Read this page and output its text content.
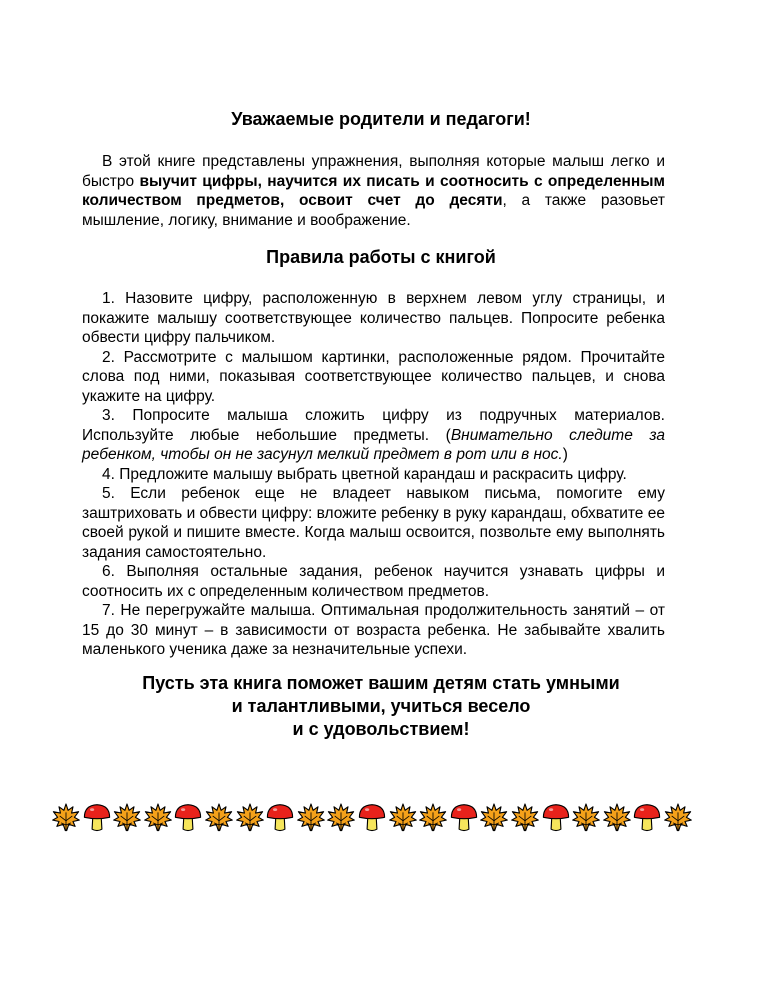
Уважаемые родители и педагоги!

В этой книге представлены упражнения, выполняя которые малыш легко и быстро выучит цифры, научится их писать и соотносить с определенным количеством предметов, освоит счет до десяти, а также разовьет мышление, логику, внимание и воображение.

Правила работы с книгой
1. Назовите цифру, расположенную в верхнем левом углу страницы, и покажите малышу соответствующее количество пальцев. Попросите ребенка обвести цифру пальчиком.
2. Рассмотрите с малышом картинки, расположенные рядом. Прочитайте слова под ними, показывая соответствующее количество пальцев, и снова укажите на цифру.
3. Попросите малыша сложить цифру из подручных материалов. Используйте любые небольшие предметы. (Внимательно следите за ребенком, чтобы он не засунул мелкий предмет в рот или в нос.)
4. Предложите малышу выбрать цветной карандаш и раскрасить цифру.
5. Если ребенок еще не владеет навыком письма, помогите ему заштриховать и обвести цифру: вложите ребенку в руку карандаш, обхватите ее своей рукой и пишите вместе. Когда малыш освоится, позвольте ему выполнять задания самостоятельно.
6. Выполняя остальные задания, ребенок научится узнавать цифры и соотносить их с определенным количеством предметов.
7. Не перегружайте малыша. Оптимальная продолжительность занятий – от 15 до 30 минут – в зависимости от возраста ребенка. Не забывайте хвалить маленького ученика даже за незначительные успехи.

Пусть эта книга поможет вашим детям стать умными
и талантливыми, учиться весело
и с удовольствием!
